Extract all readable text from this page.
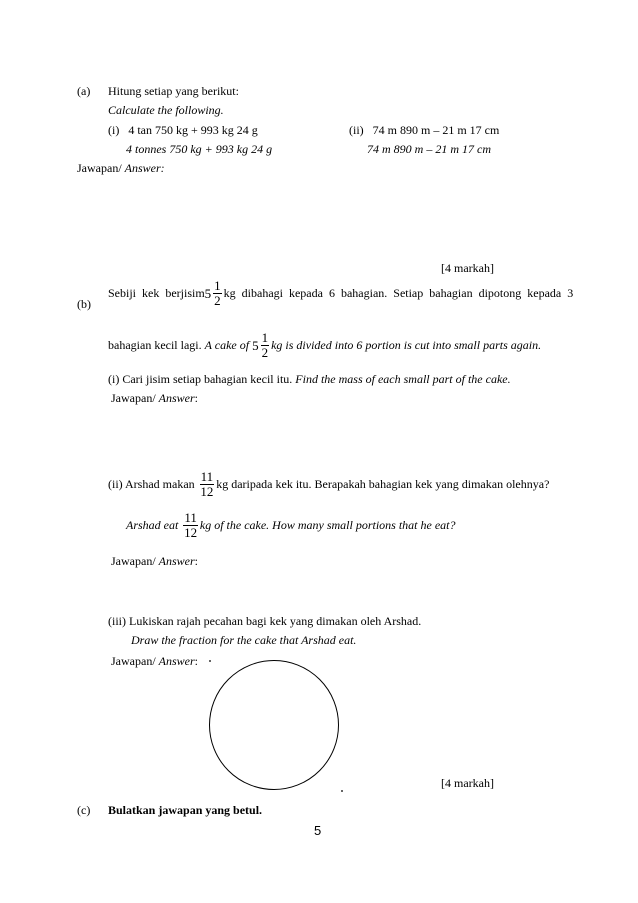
(a) Hitung setiap yang berikut:
Calculate the following.
(i) 4 tan 750 kg + 993 kg 24 g
4 tonnes 750 kg + 993 kg 24 g
(ii) 74 m 890 m – 21 m 17 cm
74 m 890 m – 21 m 17 cm
Jawapan/ Answer:
[4 markah]
(b)
Sebiji kek berjisim $5 \frac{1}{2}$ kg dibahagi kepada 6 bahagian. Setiap bahagian dipotong kepada 3
bahagian kecil lagi.
A cake of
$5 \frac{1}{2}$ kg is divided into 6 portion is cut into small parts again.
(i) Cari jisim setiap bahagian kecil itu. Find the mass of each small part of the cake.
Jawapan/ Answer:
(ii) Arshad makan
$\frac{11}{12}$ kg daripada kek itu. Berapakah bahagian kek yang dimakan olehnya?
Arshad eat
$\frac{11}{12}$ kg of the cake. How many small portions that he eat?
Jawapan/ Answer:
(iii) Lukiskan rajah pecahan bagi kek yang dimakan oleh Arshad.
Draw the fraction for the cake that Arshad eat.
Jawapan/ Answer:
[4 markah]
(c) Bulatkan jawapan yang betul.
5
